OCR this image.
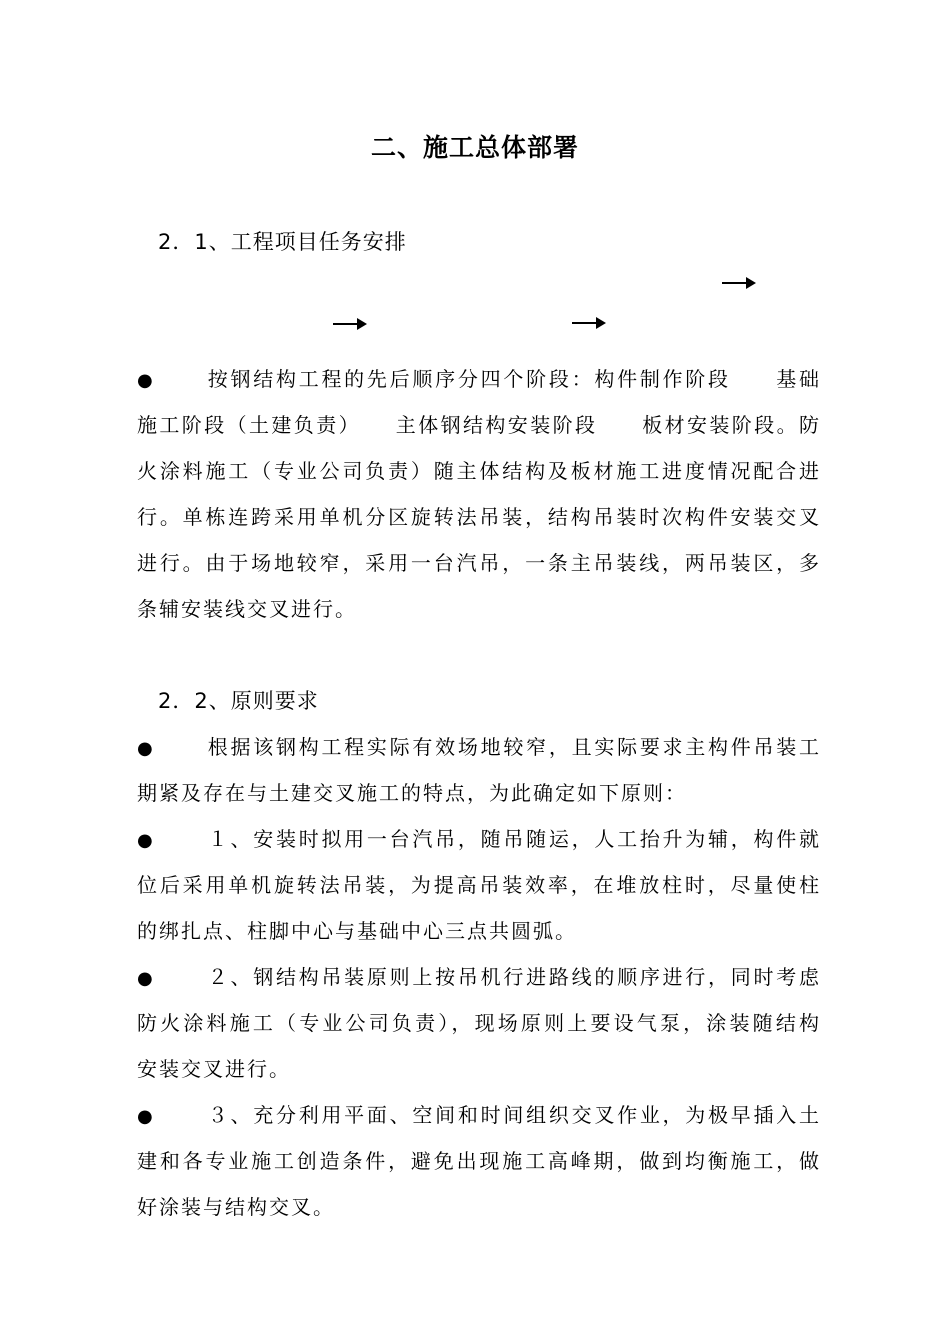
二、施工总体部署
2．1、工程项目任务安排
●	按钢结构工程的先后顺序分四个阶段：构件制作阶段　　基础
施工阶段（土建负责）　　主体钢结构安装阶段　　板材安装阶段。防
火涂料施工（专业公司负责）随主体结构及板材施工进度情况配合进
行。单栋连跨采用单机分区旋转法吊装，结构吊装时次构件安装交叉
进行。由于场地较窄，采用一台汽吊，一条主吊装线，两吊装区，多
条辅安装线交叉进行。
2．2、原则要求
●	根据该钢构工程实际有效场地较窄，且实际要求主构件吊装工
期紧及存在与土建交叉施工的特点，为此确定如下原则：
●	１、安装时拟用一台汽吊，随吊随运，人工抬升为辅，构件就
位后采用单机旋转法吊装，为提高吊装效率，在堆放柱时，尽量使柱
的绑扎点、柱脚中心与基础中心三点共圆弧。
●	２、钢结构吊装原则上按吊机行进路线的顺序进行，同时考虑
防火涂料施工（专业公司负责），现场原则上要设气泵，涂装随结构
安装交叉进行。
●	３、充分利用平面、空间和时间组织交叉作业，为极早插入土
建和各专业施工创造条件，避免出现施工高峰期，做到均衡施工，做
好涂装与结构交叉。
